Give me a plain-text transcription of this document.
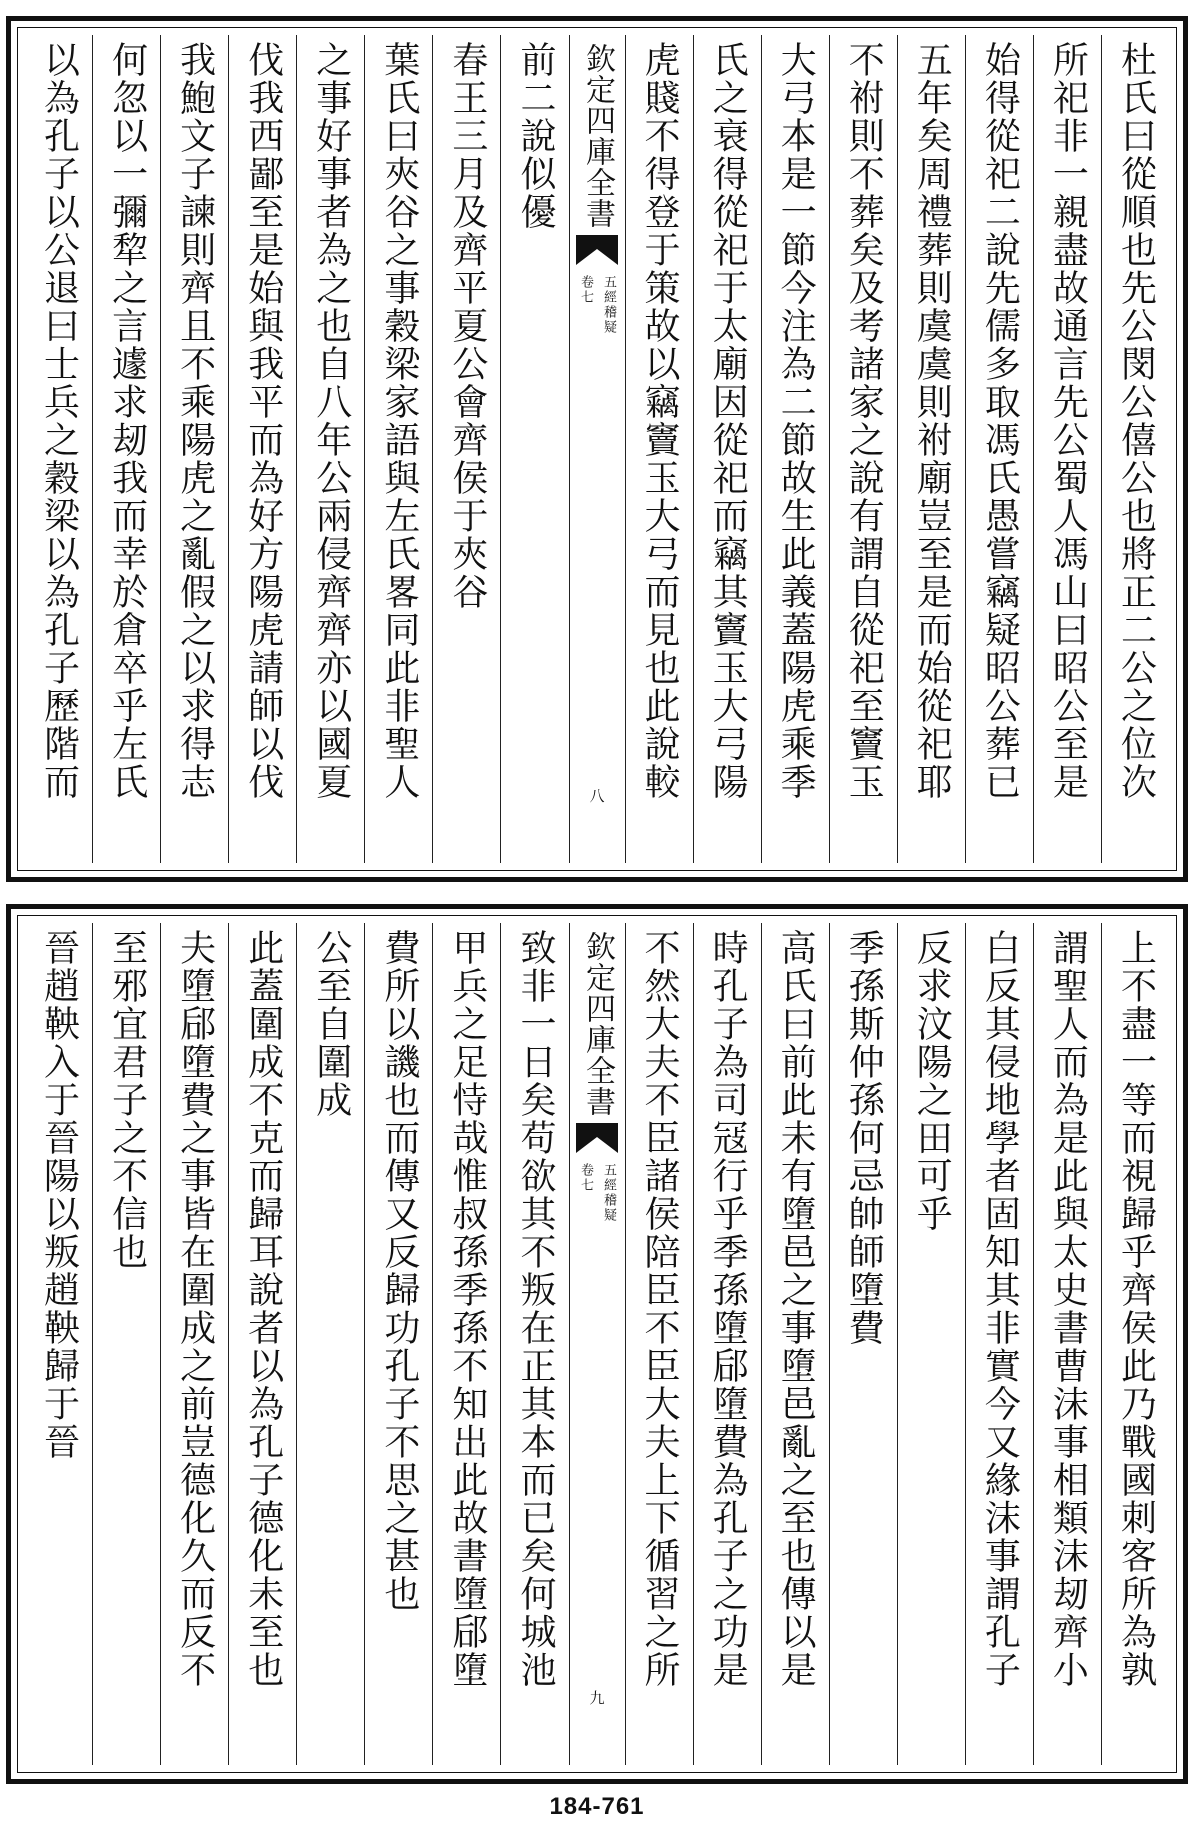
杜氏曰從順也先公閔公僖公也將正二公之位次
所祀非一親盡故通言先公蜀人馮山曰昭公至是
始得從祀二說先儒多取馮氏愚嘗竊疑昭公葬已
五年矣周禮葬則虞虞則祔廟豈至是而始從祀耶
不祔則不葬矣及考諸家之說有謂自從祀至竇玉
大弓本是一節今注為二節故生此義蓋陽虎乘季
氏之衰得從祀于太廟因從祀而竊其竇玉大弓陽
虎賤不得登于策故以竊竇玉大弓而見也此說較
欽定四庫全書
五經稽疑
卷七
八
前二說似優
春王三月及齊平夏公會齊侯于夾谷
葉氏曰夾谷之事穀梁家語與左氏畧同此非聖人
之事好事者為之也自八年公兩侵齊齊亦以國夏
伐我西鄙至是始與我平而為好方陽虎請師以伐
我鮑文子諫則齊且不乘陽虎之亂假之以求得志
何忽以一彌犂之言遽求刼我而幸於倉卒乎左氏
以為孔子以公退曰士兵之穀梁以為孔子歷階而
上不盡一等而視歸乎齊侯此乃戰國刺客所為孰
謂聖人而為是此與太史書曹沫事相類沫刼齊小
白反其侵地學者固知其非實今又緣沫事謂孔子
反求汶陽之田可乎
季孫斯仲孫何忌帥師墮費
高氏曰前此未有墮邑之事墮邑亂之至也傳以是
時孔子為司冦行乎季孫墮郈墮費為孔子之功是
不然大夫不臣諸侯陪臣不臣大夫上下循習之所
欽定四庫全書
五經稽疑
卷七
九
致非一日矣苟欲其不叛在正其本而已矣何城池
甲兵之足恃哉惟叔孫季孫不知出此故書墮郈墮
費所以譏也而傳又反歸功孔子不思之甚也
公至自圍成
此蓋圍成不克而歸耳說者以為孔子德化未至也
夫墮郈墮費之事皆在圍成之前豈德化久而反不
至邪宜君子之不信也
晉趙鞅入于晉陽以叛趙鞅歸于晉
184-761
